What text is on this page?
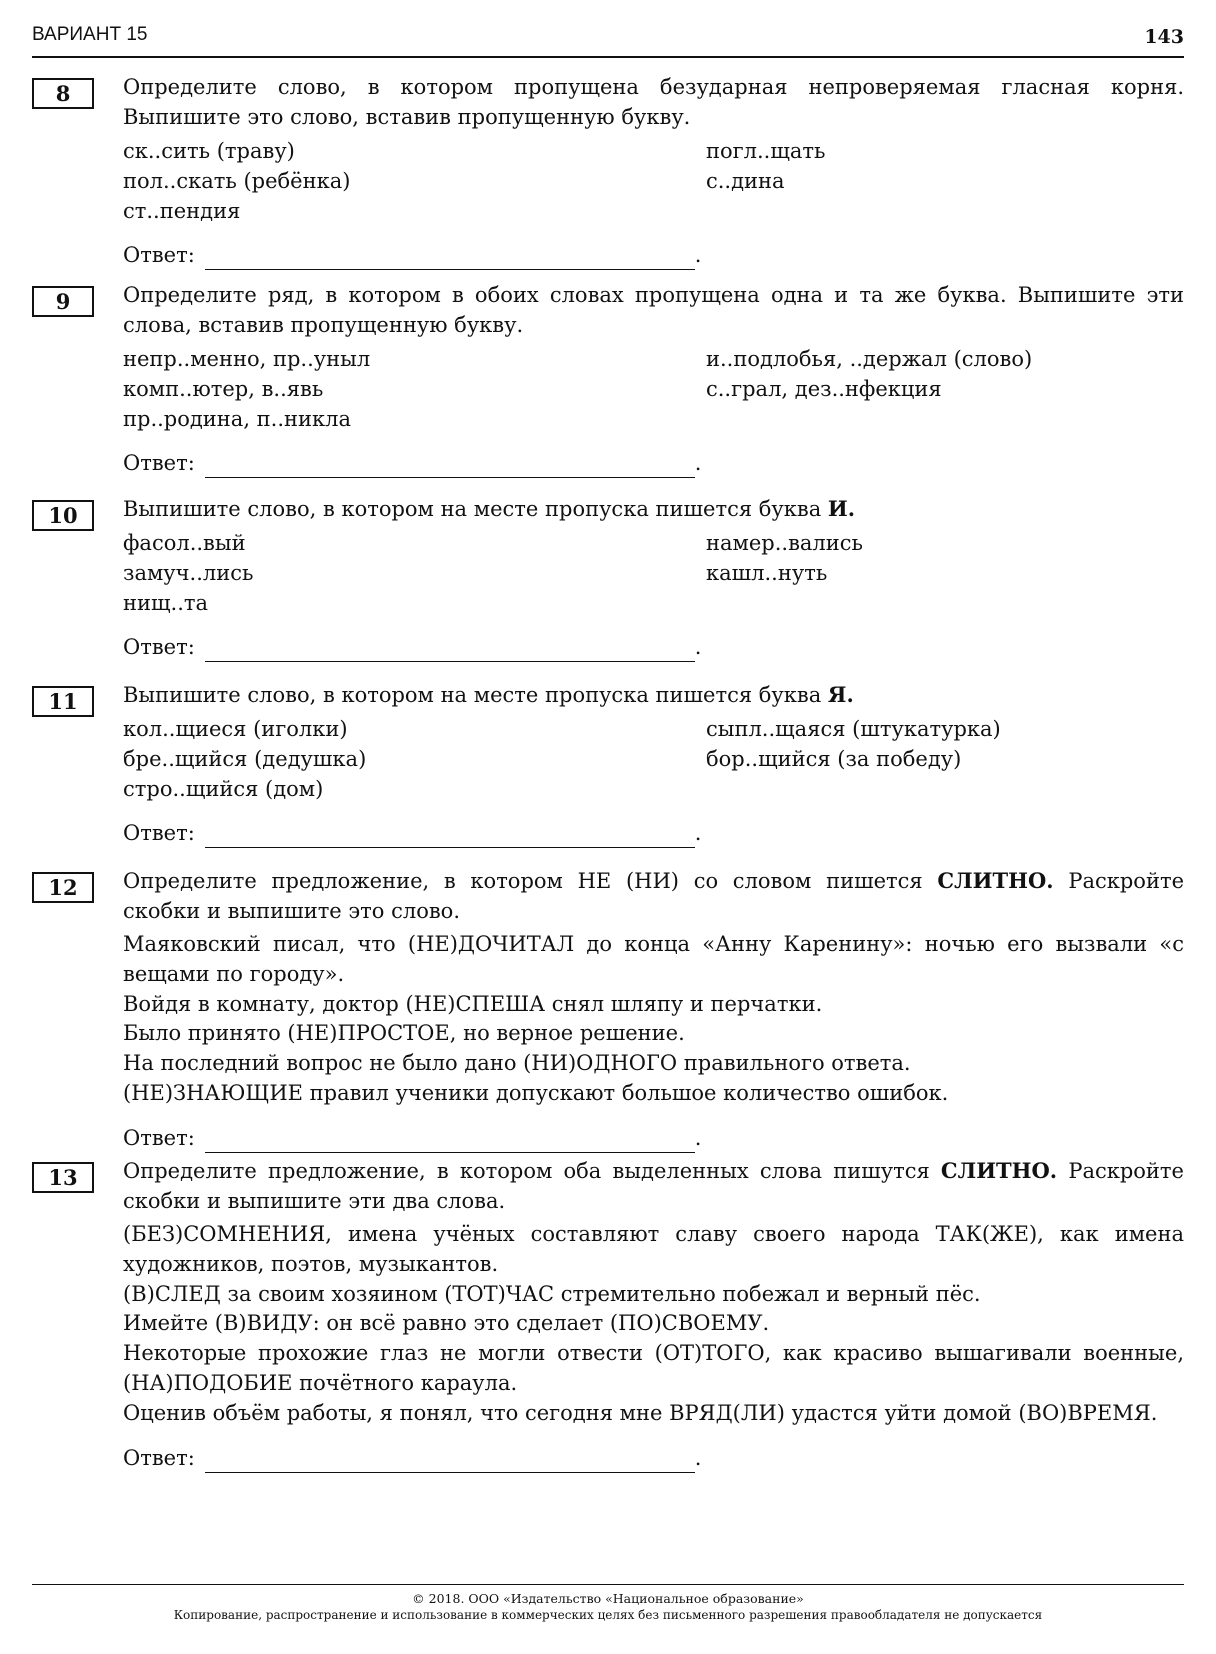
ВАРИАНТ 15	143
8	Определите слово, в котором пропущена безударная непроверяемая гласная корня. Выпишите это слово, вставив пропущенную букву.
ск..сить (траву)	погл..щать
пол..скать (ребёнка)	с..дина
ст..пендия
Ответ:	.
9	Определите ряд, в котором в обоих словах пропущена одна и та же буква. Выпишите эти слова, вставив пропущенную букву.
непр..менно, пр..уныл	и..подлобья, ..держал (слово)
комп..ютер, в..явь	с..грал, дез..нфекция
пр..родина, п..никла
Ответ:	.
10	Выпишите слово, в котором на месте пропуска пишется буква И.
фасол..вый	намер..вались
замуч..лись	кашл..нуть
нищ..та
Ответ:	.
11	Выпишите слово, в котором на месте пропуска пишется буква Я.
кол..щиеся (иголки)	сыпл..щаяся (штукатурка)
бре..щийся (дедушка)	бор..щийся (за победу)
стро..щийся (дом)
Ответ:	.
12	Определите предложение, в котором НЕ (НИ) со словом пишется СЛИТНО. Раскройте скобки и выпишите это слово.
Маяковский писал, что (НЕ)ДОЧИТАЛ до конца «Анну Каренину»: ночью его вызвали «с вещами по городу».
Войдя в комнату, доктор (НЕ)СПЕША снял шляпу и перчатки.
Было принято (НЕ)ПРОСТОЕ, но верное решение.
На последний вопрос не было дано (НИ)ОДНОГО правильного ответа.
(НЕ)ЗНАЮЩИЕ правил ученики допускают большое количество ошибок.
Ответ:	.
13	Определите предложение, в котором оба выделенных слова пишутся СЛИТНО. Раскройте скобки и выпишите эти два слова.
(БЕЗ)СОМНЕНИЯ, имена учёных составляют славу своего народа ТАК(ЖЕ), как имена художников, поэтов, музыкантов.
(В)СЛЕД за своим хозяином (ТОТ)ЧАС стремительно побежал и верный пёс.
Имейте (В)ВИДУ: он всё равно это сделает (ПО)СВОЕМУ.
Некоторые прохожие глаз не могли отвести (ОТ)ТОГО, как красиво вышагивали военные, (НА)ПОДОБИЕ почётного караула.
Оценив объём работы, я понял, что сегодня мне ВРЯД(ЛИ) удастся уйти домой (ВО)ВРЕМЯ.
Ответ:	.
© 2018. ООО «Издательство «Национальное образование»
Копирование, распространение и использование в коммерческих целях без письменного разрешения правообладателя не допускается
